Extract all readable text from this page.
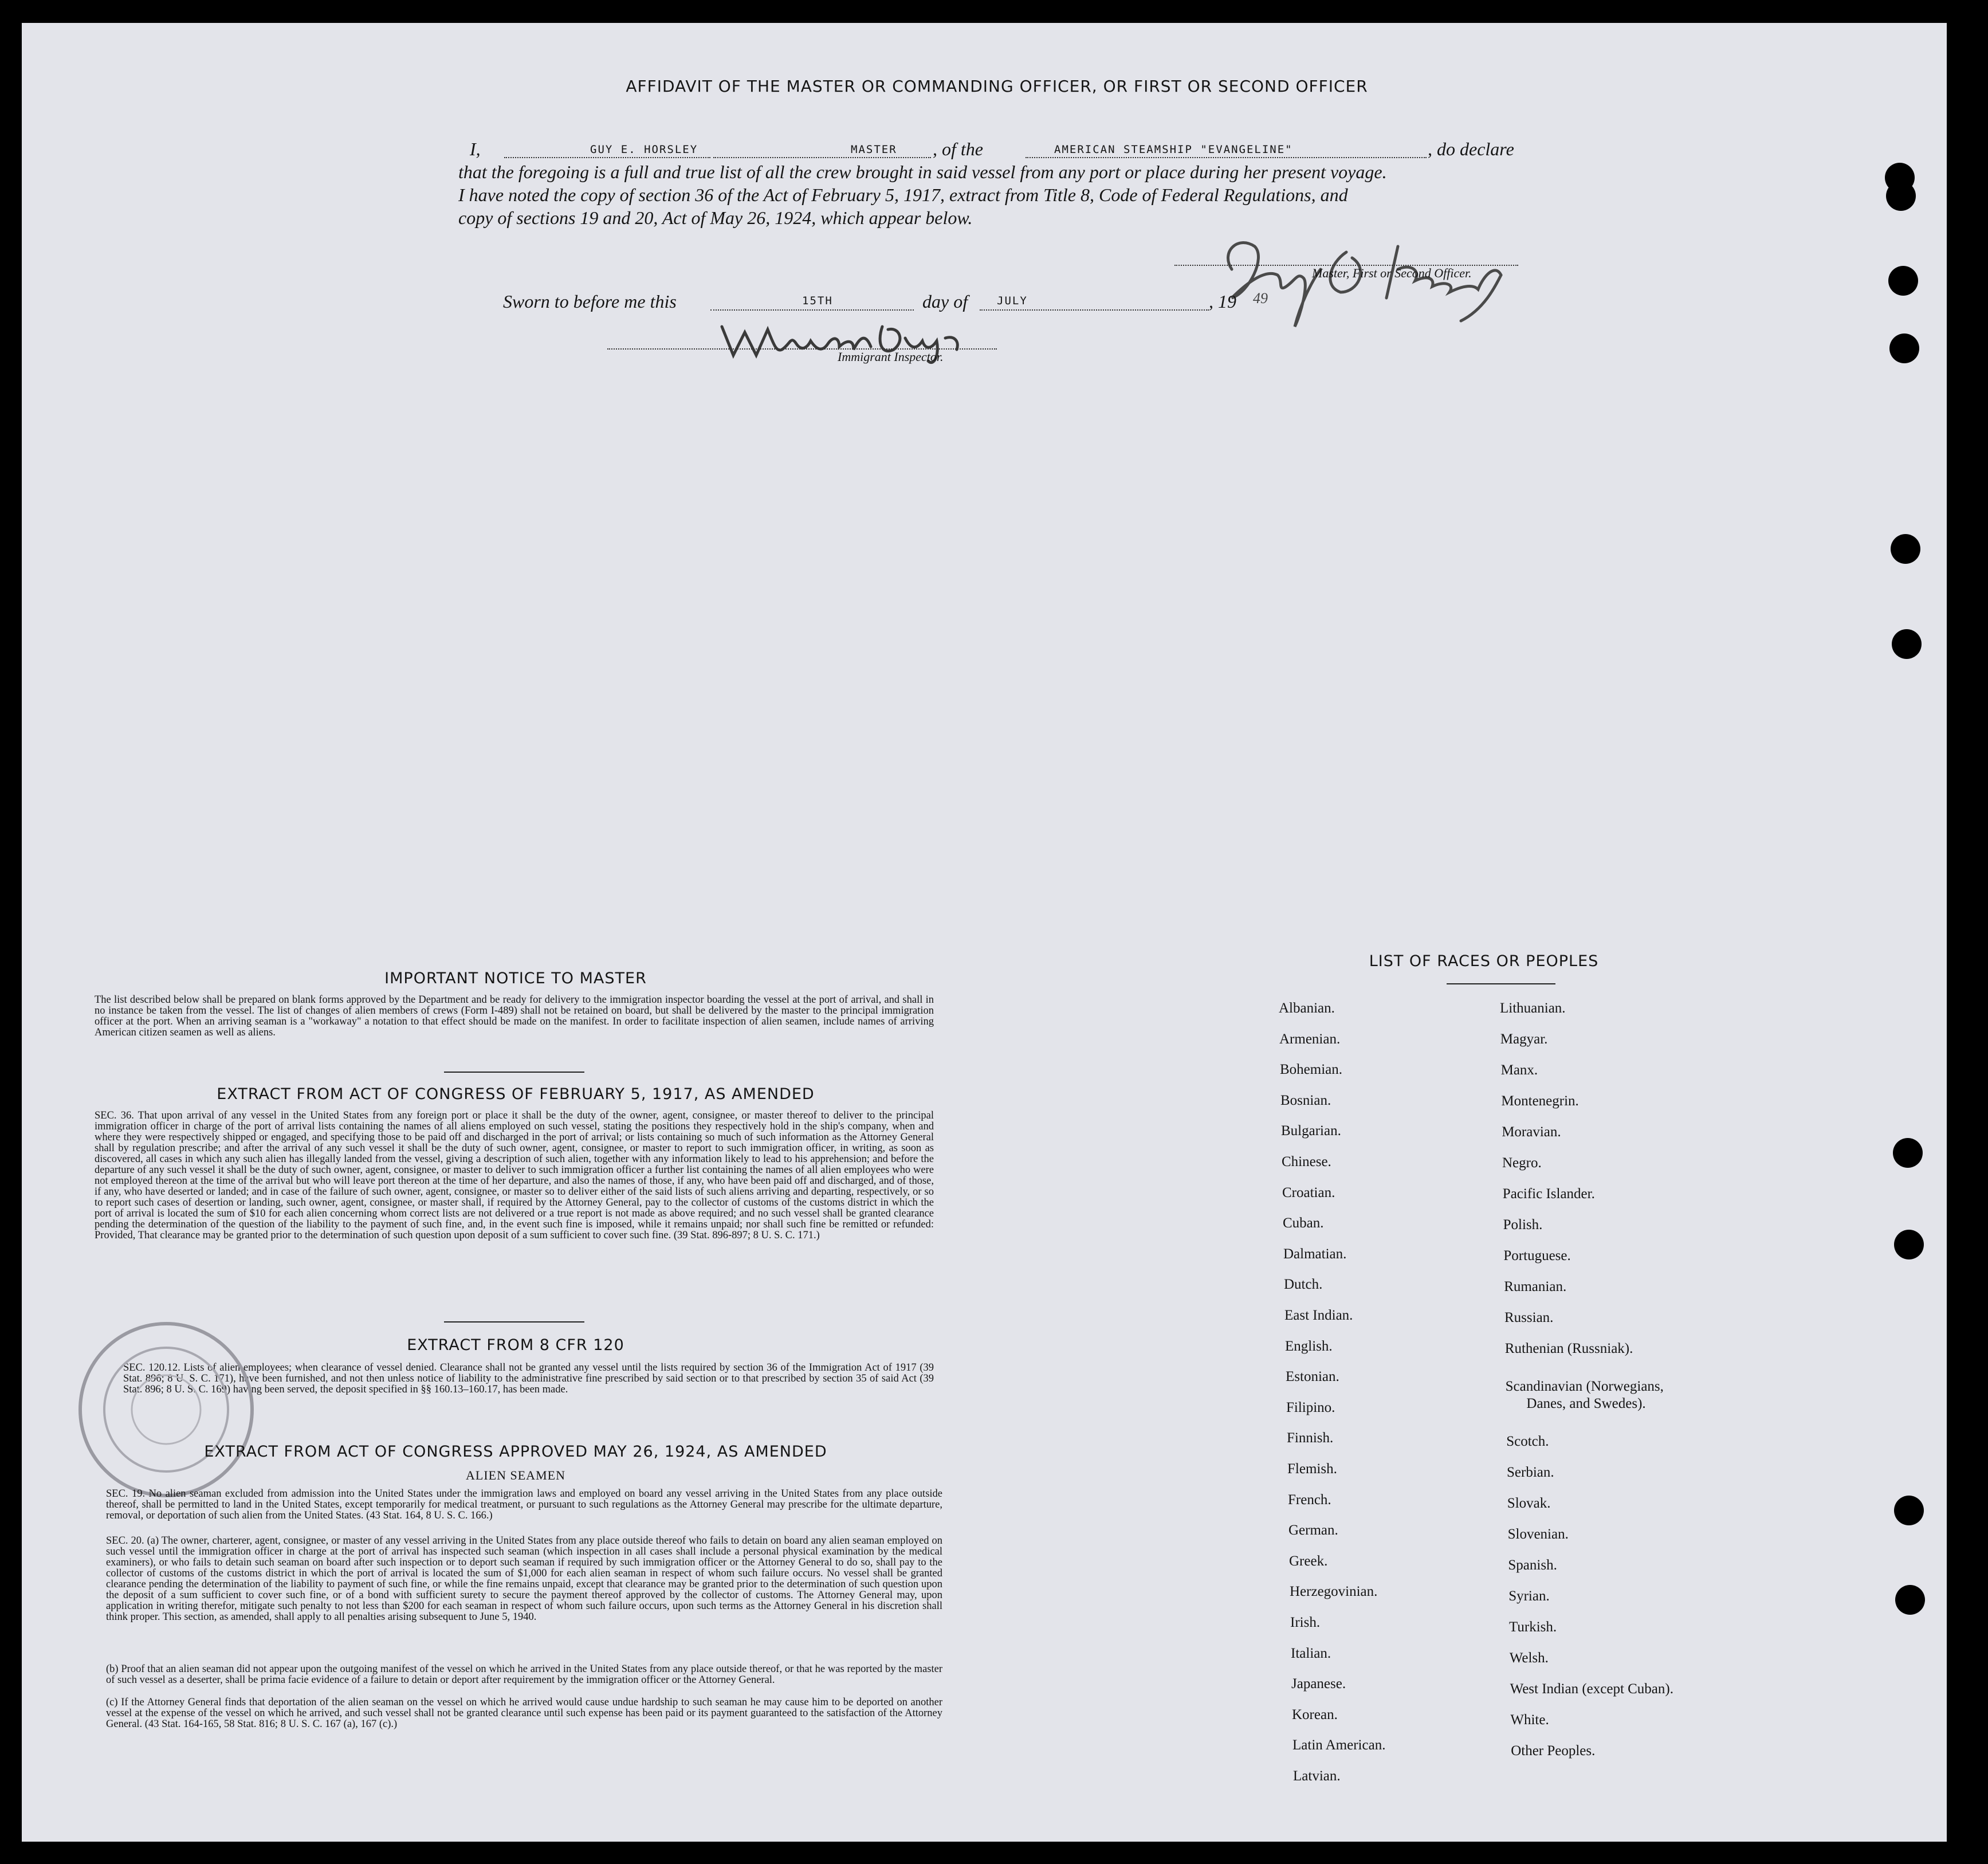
AFFIDAVIT OF THE MASTER OR COMMANDING OFFICER, OR FIRST OR SECOND OFFICER
I,	GUY E. HORSLEY	MASTER , of the	AMERICAN STEAMSHIP "EVANGELINE"	, do declare
that the foregoing is a full and true list of all the crew brought in said vessel from any port or place during her present voyage.
I have noted the copy of section 36 of the Act of February 5, 1917, extract from Title 8, Code of Federal Regulations, and
copy of sections 19 and 20, Act of May 26, 1924, which appear below.
Master, First or Second Officer.
Sworn to before me this	15TH	day of	JULY	, 19 49
Immigrant Inspector.
IMPORTANT NOTICE TO MASTER

The list described below shall be prepared on blank forms approved by the Department and be ready for delivery to the immigration inspector boarding the vessel at the port of arrival, and shall in no instance be taken from the vessel. The list of changes of alien members of crews (Form I-489) shall not be retained on board, but shall be delivered by the master to the principal immigration officer at the port. When an arriving seaman is a "workaway" a notation to that effect should be made on the manifest. In order to facilitate inspection of alien seamen, include names of arriving American citizen seamen as well as aliens.

EXTRACT FROM ACT OF CONGRESS OF FEBRUARY 5, 1917, AS AMENDED

SEC. 36. That upon arrival of any vessel in the United States from any foreign port or place it shall be the duty of the owner, agent, consignee, or master thereof to deliver to the principal immigration officer in charge of the port of arrival lists containing the names of all aliens employed on such vessel, stating the positions they respectively hold in the ship's company, when and where they were respectively shipped or engaged, and specifying those to be paid off and discharged in the port of arrival; or lists containing so much of such information as the Attorney General shall by regulation prescribe; and after the arrival of any such vessel it shall be the duty of such owner, agent, consignee, or master to report to such immigration officer, in writing, as soon as discovered, all cases in which any such alien has illegally landed from the vessel, giving a description of such alien, together with any information likely to lead to his apprehension; and before the departure of any such vessel it shall be the duty of such owner, agent, consignee, or master to deliver to such immigration officer a further list containing the names of all alien employees who were not employed thereon at the time of the arrival but who will leave port thereon at the time of her departure, and also the names of those, if any, who have been paid off and discharged, and of those, if any, who have deserted or landed; and in case of the failure of such owner, agent, consignee, or master so to deliver either of the said lists of such aliens arriving and departing, respectively, or so to report such cases of desertion or landing, such owner, agent, consignee, or master shall, if required by the Attorney General, pay to the collector of customs of the customs district in which the port of arrival is located the sum of $10 for each alien concerning whom correct lists are not delivered or a true report is not made as above required; and no such vessel shall be granted clearance pending the determination of the question of the liability to the payment of such fine, and, in the event such fine is imposed, while it remains unpaid; nor shall such fine be remitted or refunded: Provided, That clearance may be granted prior to the determination of such question upon deposit of a sum sufficient to cover such fine. (39 Stat. 896-897; 8 U. S. C. 171.)

EXTRACT FROM 8 CFR 120

SEC. 120.12. Lists of alien employees; when clearance of vessel denied. Clearance shall not be granted any vessel until the lists required by section 36 of the Immigration Act of 1917 (39 Stat. 896; 8 U. S. C. 171), have been furnished, and not then unless notice of liability to the administrative fine prescribed by said section or to that prescribed by section 35 of said Act (39 Stat. 896; 8 U. S. C. 169) having been served, the deposit specified in §§ 160.13–160.17, has been made.

EXTRACT FROM ACT OF CONGRESS APPROVED MAY 26, 1924, AS AMENDED
ALIEN SEAMEN

SEC. 19. No alien seaman excluded from admission into the United States under the immigration laws and employed on board any vessel arriving in the United States from any place outside thereof, shall be permitted to land in the United States, except temporarily for medical treatment, or pursuant to such regulations as the Attorney General may prescribe for the ultimate departure, removal, or deportation of such alien from the United States. (43 Stat. 164, 8 U. S. C. 166.)

SEC. 20. (a) The owner, charterer, agent, consignee, or master of any vessel arriving in the United States from any place outside thereof who fails to detain on board any alien seaman employed on such vessel until the immigration officer in charge at the port of arrival has inspected such seaman (which inspection in all cases shall include a personal physical examination by the medical examiners), or who fails to detain such seaman on board after such inspection or to deport such seaman if required by such immigration officer or the Attorney General to do so, shall pay to the collector of customs of the customs district in which the port of arrival is located the sum of $1,000 for each alien seaman in respect of whom such failure occurs. No vessel shall be granted clearance pending the determination of the liability to payment of such fine, or while the fine remains unpaid, except that clearance may be granted prior to the determination of such question upon the deposit of a sum sufficient to cover such fine, or of a bond with sufficient surety to secure the payment thereof approved by the collector of customs. The Attorney General may, upon application in writing therefor, mitigate such penalty to not less than $200 for each seaman in respect of whom such failure occurs, upon such terms as the Attorney General in his discretion shall think proper. This section, as amended, shall apply to all penalties arising subsequent to June 5, 1940.

(b) Proof that an alien seaman did not appear upon the outgoing manifest of the vessel on which he arrived in the United States from any place outside thereof, or that he was reported by the master of such vessel as a deserter, shall be prima facie evidence of a failure to detain or deport after requirement by the immigration officer or the Attorney General.

(c) If the Attorney General finds that deportation of the alien seaman on the vessel on which he arrived would cause undue hardship to such seaman he may cause him to be deported on another vessel at the expense of the vessel on which he arrived, and such vessel shall not be granted clearance until such expense has been paid or its payment guaranteed to the satisfaction of the Attorney General. (43 Stat. 164-165, 58 Stat. 816; 8 U. S. C. 167 (a), 167 (c).)

LIST OF RACES OR PEOPLES
Albanian.
Armenian.
Bohemian.
Bosnian.
Bulgarian.
Chinese.
Croatian.
Cuban.
Dalmatian.
Dutch.
East Indian.
English.
Estonian.
Filipino.
Finnish.
Flemish.
French.
German.
Greek.
Herzegovinian.
Irish.
Italian.
Japanese.
Korean.
Latin American.
Latvian.
Lithuanian.
Magyar.
Manx.
Montenegrin.
Moravian.
Negro.
Pacific Islander.
Polish.
Portuguese.
Rumanian.
Russian.
Ruthenian (Russniak).
Scandinavian (Norwegians,
Danes, and Swedes).
Scotch.
Serbian.
Slovak.
Slovenian.
Spanish.
Syrian.
Turkish.
Welsh.
West Indian (except Cuban).
White.
Other Peoples.
